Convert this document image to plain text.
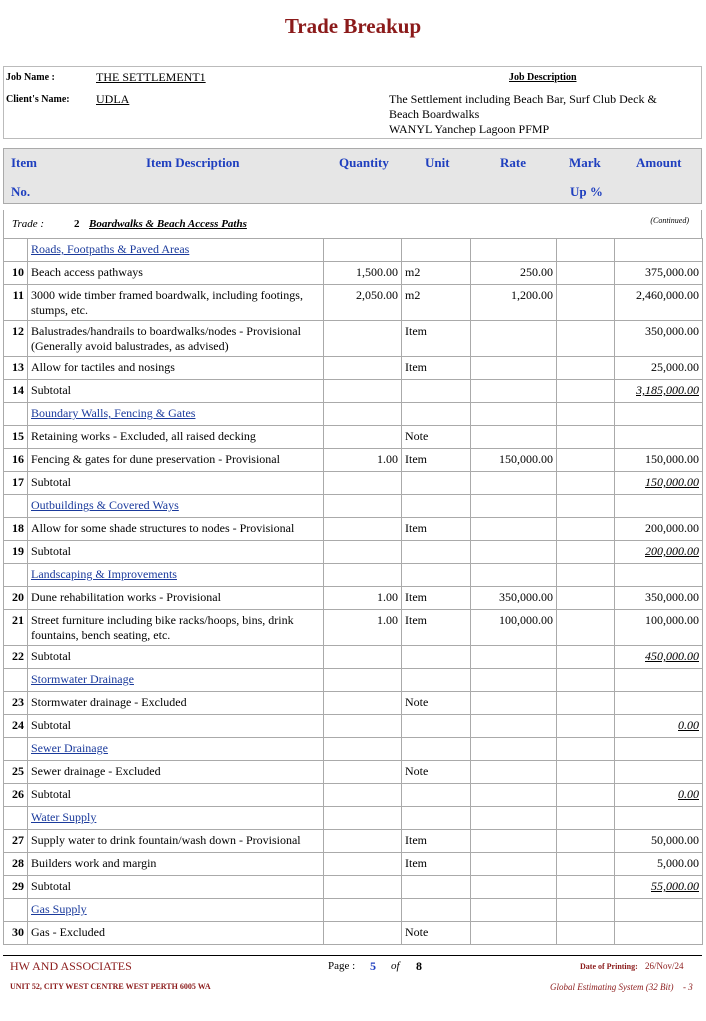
Trade Breakup
Job Name :	THE SETTLEMENT1
Client's Name: UDLA
Job Description
The Settlement including Beach Bar, Surf Club Deck &
Beach Boardwalks
WANYL Yanchep Lagoon PFMP
Item
No.
Item Description	Quantity	Unit	Rate	Mark
Up %
Amount
Trade :	2 Boardwalks & Beach Access Paths	(Continued)
	Roads, Footpaths & Paved Areas					
10	Beach access pathways	1,500.00	m2	250.00		375,000.00
11	3000 wide timber framed boardwalk, including footings, stumps, etc.	2,050.00	m2	1,200.00		2,460,000.00
12	Balustrades/handrails to boardwalks/nodes - Provisional (Generally avoid balustrades, as advised)		Item			350,000.00
13	Allow for tactiles and nosings		Item			25,000.00
14	Subtotal					3,185,000.00
	Boundary Walls, Fencing & Gates					
15	Retaining works - Excluded, all raised decking		Note			
16	Fencing & gates for dune preservation - Provisional	1.00	Item	150,000.00		150,000.00
17	Subtotal					150,000.00
	Outbuildings & Covered Ways					
18	Allow for some shade structures to nodes - Provisional		Item			200,000.00
19	Subtotal					200,000.00
	Landscaping & Improvements					
20	Dune rehabilitation works - Provisional	1.00	Item	350,000.00		350,000.00
21	Street furniture including bike racks/hoops, bins, drink fountains, bench seating, etc.	1.00	Item	100,000.00		100,000.00
22	Subtotal					450,000.00
	Stormwater Drainage					
23	Stormwater drainage - Excluded		Note			
24	Subtotal					0.00
	Sewer Drainage					
25	Sewer drainage - Excluded		Note			
26	Subtotal					0.00
	Water Supply					
27	Supply water to drink fountain/wash down - Provisional		Item			50,000.00
28	Builders work and margin		Item			5,000.00
29	Subtotal					55,000.00
	Gas Supply					
30	Gas - Excluded		Note			
HW AND ASSOCIATES	Page : 5 of 8	Date of Printing: 26/Nov/24
UNIT 52, CITY WEST CENTRE WEST PERTH 6005 WA	Global Estimating System (32 Bit) - 3
